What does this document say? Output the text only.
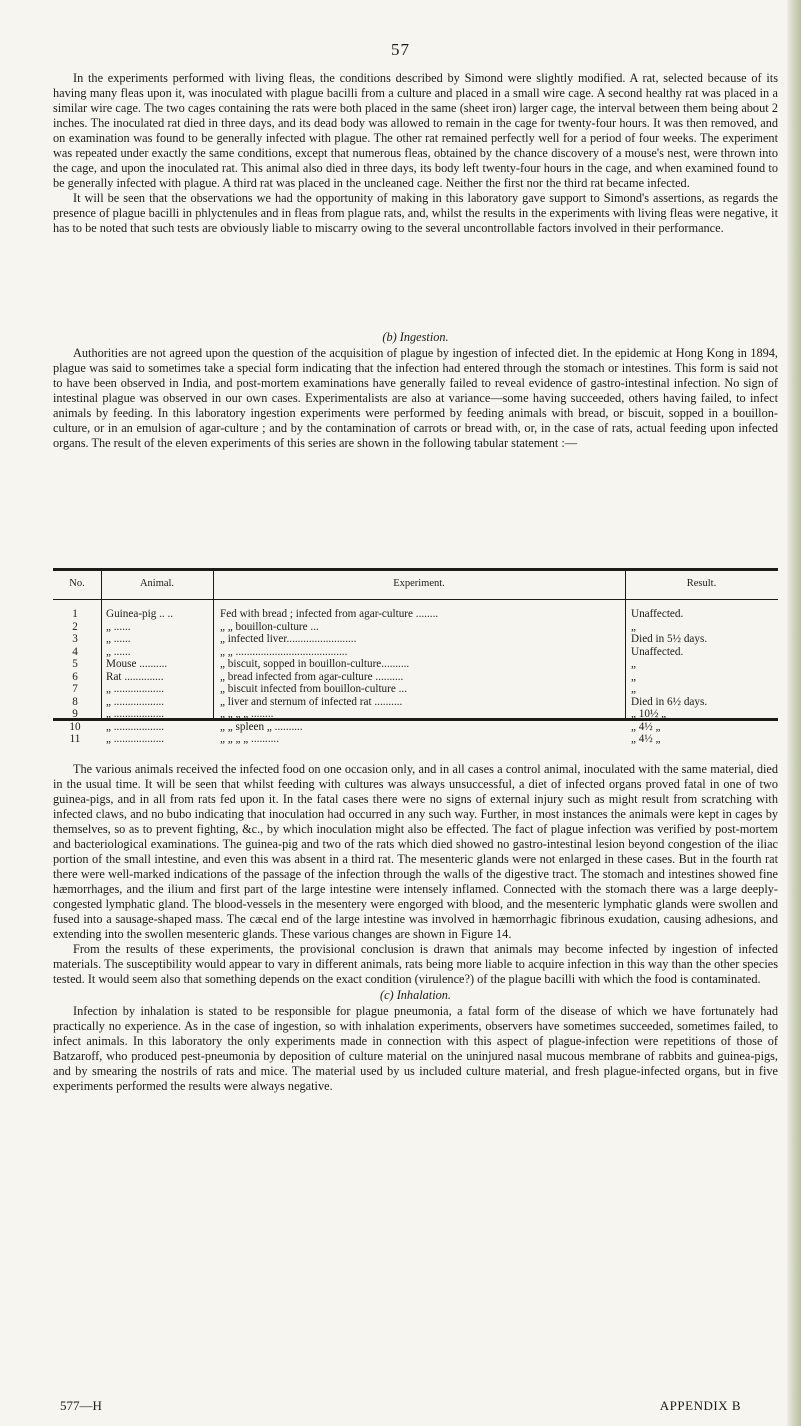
57

In the experiments performed with living fleas, the conditions described by Simond were slightly modified. A rat, selected because of its having many fleas upon it, was inoculated with plague bacilli from a culture and placed in a small wire cage. A second healthy rat was placed in a similar wire cage. The two cages containing the rats were both placed in the same (sheet iron) larger cage, the interval between them being about 2 inches. The inoculated rat died in three days, and its dead body was allowed to remain in the cage for twenty-four hours. It was then removed, and on examination was found to be generally infected with plague. The other rat remained perfectly well for a period of four weeks. The experiment was repeated under exactly the same conditions, except that numerous fleas, obtained by the chance discovery of a mouse's nest, were thrown into the cage, and upon the inoculated rat. This animal also died in three days, its body left twenty-four hours in the cage, and when examined found to be generally infected with plague. A third rat was placed in the uncleaned cage. Neither the first nor the third rat became infected.

It will be seen that the observations we had the opportunity of making in this laboratory gave support to Simond's assertions, as regards the presence of plague bacilli in phlyctenules and in fleas from plague rats, and, whilst the results in the experiments with living fleas were negative, it has to be noted that such tests are obviously liable to miscarry owing to the several uncontrollable factors involved in their performance.

(b) Ingestion.

Authorities are not agreed upon the question of the acquisition of plague by ingestion of infected diet. In the epidemic at Hong Kong in 1894, plague was said to sometimes take a special form indicating that the infection had entered through the stomach or intestines. This form is said not to have been observed in India, and post-mortem examinations have generally failed to reveal evidence of gastro-intestinal infection. No sign of intestinal plague was observed in our own cases. Experimentalists are also at variance—some having succeeded, others having failed, to infect animals by feeding. In this laboratory ingestion experiments were performed by feeding animals with bread, or biscuit, sopped in a bouillon-culture, or in an emulsion of agar-culture ; and by the contamination of carrots or bread with, or, in the case of rats, actual feeding upon infected organs. The result of the eleven experiments of this series are shown in the following tabular statement :—

No.	Animal.	Experiment.	Result.
1	Guinea-pig .. ..	Fed with bread ; infected from agar-culture ........	Unaffected.
2	„ ......	„ „ bouillon-culture ...	„
3	„ ......	„ infected liver.........................	Died in 5½ days.
4	„ ......	„ „ ........................................	Unaffected.
5	Mouse ..........	„ biscuit, sopped in bouillon-culture..........	„
6	Rat ..............	„ bread infected from agar-culture ..........	„
7	„ ..................	„ biscuit infected from bouillon-culture ...	„
8	„ ..................	„ liver and sternum of infected rat ..........	Died in 6½ days.
9	„ ..................	„ „ „ „ ........	„ 10½ „
10	„ ..................	„ „ spleen „ ..........	„ 4½ „
11	„ ..................	„ „ „ „ ..........	„ 4½ „

The various animals received the infected food on one occasion only, and in all cases a control animal, inoculated with the same material, died in the usual time. It will be seen that whilst feeding with cultures was always unsuccessful, a diet of infected organs proved fatal in one of two guinea-pigs, and in all from rats fed upon it. In the fatal cases there were no signs of external injury such as might result from scratching with infected claws, and no bubo indicating that inoculation had occurred in any such way. Further, in most instances the animals were kept in cages by themselves, so as to prevent fighting, &c., by which inoculation might also be effected. The fact of plague infection was verified by post-mortem and bacteriological examinations. The guinea-pig and two of the rats which died showed no gastro-intestinal lesion beyond congestion of the iliac portion of the small intestine, and even this was absent in a third rat. The mesenteric glands were not enlarged in these cases. But in the fourth rat there were well-marked indications of the passage of the infection through the walls of the digestive tract. The stomach and intestines showed fine hæmorrhages, and the ilium and first part of the large intestine were intensely inflamed. Connected with the stomach there was a large deeply-congested lymphatic gland. The blood-vessels in the mesentery were engorged with blood, and the mesenteric lymphatic glands were swollen and fused into a sausage-shaped mass. The cæcal end of the large intestine was involved in hæmorrhagic fibrinous exudation, causing adhesions, and extending into the swollen mesenteric glands. These various changes are shown in Figure 14.

From the results of these experiments, the provisional conclusion is drawn that animals may become infected by ingestion of infected materials. The susceptibility would appear to vary in different animals, rats being more liable to acquire infection in this way than the other species tested. It would seem also that something depends on the exact condition (virulence?) of the plague bacilli with which the food is contaminated.

(c) Inhalation.

Infection by inhalation is stated to be responsible for plague pneumonia, a fatal form of the disease of which we have fortunately had practically no experience. As in the case of ingestion, so with inhalation experiments, observers have sometimes succeeded, sometimes failed, to infect animals. In this laboratory the only experiments made in connection with this aspect of plague-infection were repetitions of those of Batzaroff, who produced pest-pneumonia by deposition of culture material on the uninjured nasal mucous membrane of rabbits and guinea-pigs, and by smearing the nostrils of rats and mice. The material used by us included culture material, and fresh plague-infected organs, but in five experiments performed the results were always negative.

577—H	APPENDIX B
